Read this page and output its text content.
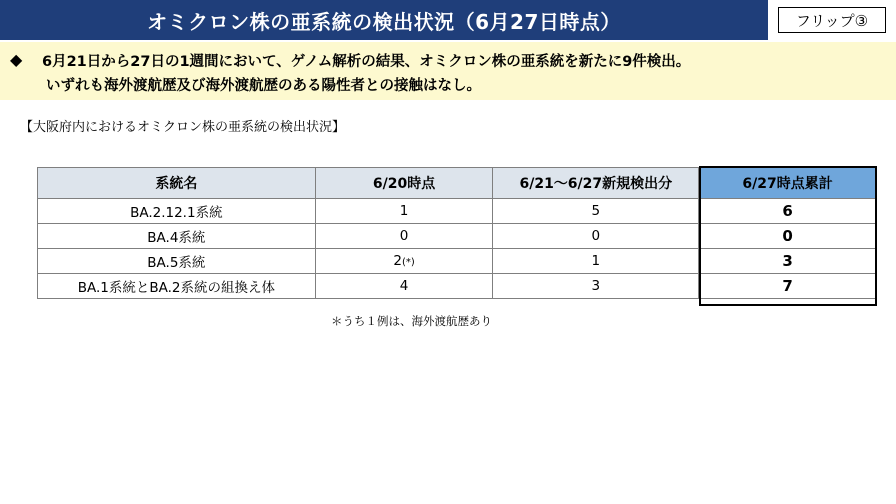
オミクロン株の亜系統の検出状況（6月27日時点）	フリップ③
◆ 6月21日から27日の1週間において、ゲノム解析の結果、オミクロン株の亜系統を新たに9件検出。
いずれも海外渡航歴及び海外渡航歴のある陽性者との接触はなし。
【大阪府内におけるオミクロン株の亜系統の検出状況】
系統名	6/20時点	6/21～6/27新規検出分	6/27時点累計
BA.2.12.1系統	1	5	6
BA.4系統	0	0	0
BA.5系統	2(*)	1	3
BA.1系統とBA.2系統の組換え体	4	3	7
＊うち１例は、海外渡航歴あり
